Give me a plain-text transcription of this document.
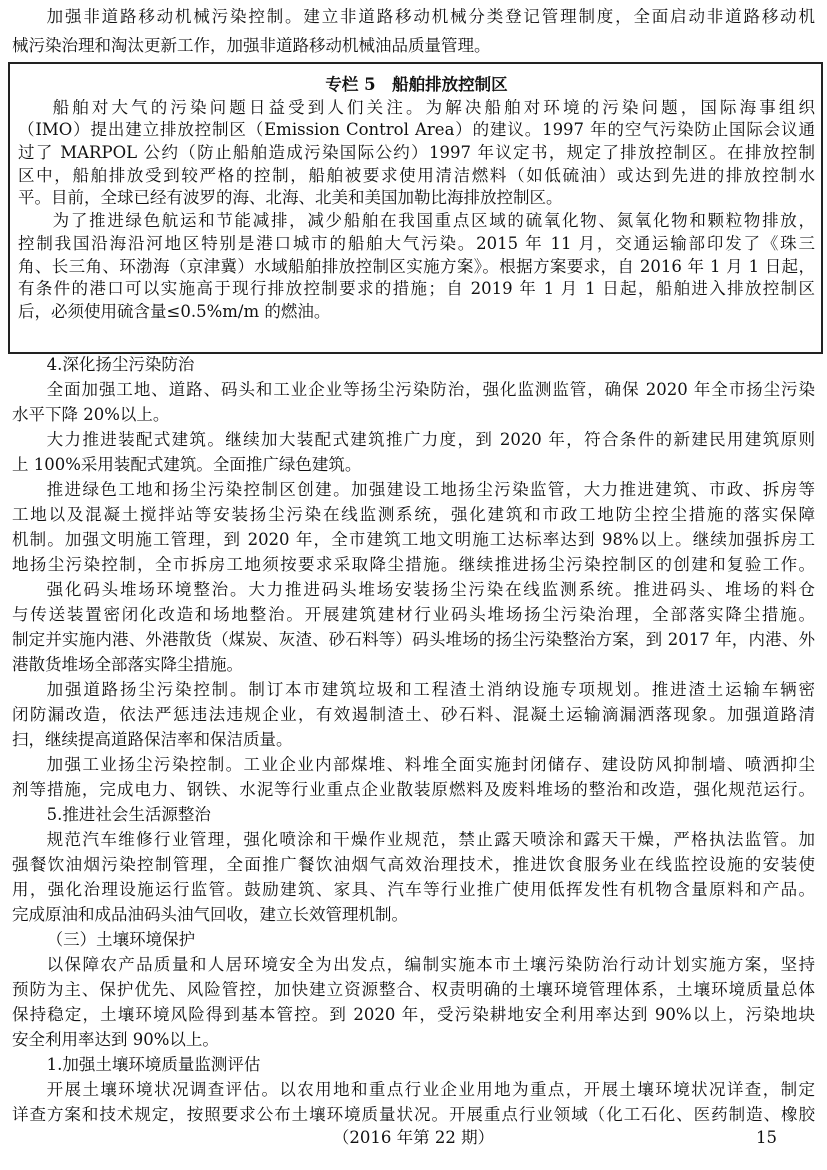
加强非道路移动机械污染控制。建立非道路移动机械分类登记管理制度，全面启动非道路移动机
械污染治理和淘汰更新工作，加强非道路移动机械油品质量管理。
专栏 5　船舶排放控制区
船舶对大气的污染问题日益受到人们关注。为解决船舶对环境的污染问题，国际海事组织
（IMO）提出建立排放控制区（Emission Control Area）的建议。1997 年的空气污染防止国际会议通
过了 MARPOL 公约（防止船舶造成污染国际公约）1997 年议定书，规定了排放控制区。在排放控制
区中，船舶排放受到较严格的控制，船舶被要求使用清洁燃料（如低硫油）或达到先进的排放控制水
平。目前，全球已经有波罗的海、北海、北美和美国加勒比海排放控制区。
为了推进绿色航运和节能减排，减少船舶在我国重点区域的硫氧化物、氮氧化物和颗粒物排放，
控制我国沿海沿河地区特别是港口城市的船舶大气污染。2015 年 11 月，交通运输部印发了《珠三
角、长三角、环渤海（京津冀）水域船舶排放控制区实施方案》。根据方案要求，自 2016 年 1 月 1 日起，
有条件的港口可以实施高于现行排放控制要求的措施；自 2019 年 1 月 1 日起，船舶进入排放控制区
后，必须使用硫含量≤0.5%m/m 的燃油。
4.深化扬尘污染防治
全面加强工地、道路、码头和工业企业等扬尘污染防治，强化监测监管，确保 2020 年全市扬尘污染
水平下降 20%以上。
大力推进装配式建筑。继续加大装配式建筑推广力度，到 2020 年，符合条件的新建民用建筑原则
上 100%采用装配式建筑。全面推广绿色建筑。
推进绿色工地和扬尘污染控制区创建。加强建设工地扬尘污染监管，大力推进建筑、市政、拆房等
工地以及混凝土搅拌站等安装扬尘污染在线监测系统，强化建筑和市政工地防尘控尘措施的落实保障
机制。加强文明施工管理，到 2020 年，全市建筑工地文明施工达标率达到 98%以上。继续加强拆房工
地扬尘污染控制，全市拆房工地须按要求采取降尘措施。继续推进扬尘污染控制区的创建和复验工作。
强化码头堆场环境整治。大力推进码头堆场安装扬尘污染在线监测系统。推进码头、堆场的料仓
与传送装置密闭化改造和场地整治。开展建筑建材行业码头堆场扬尘污染治理，全部落实降尘措施。
制定并实施内港、外港散货（煤炭、灰渣、砂石料等）码头堆场的扬尘污染整治方案，到 2017 年，内港、外
港散货堆场全部落实降尘措施。
加强道路扬尘污染控制。制订本市建筑垃圾和工程渣土消纳设施专项规划。推进渣土运输车辆密
闭防漏改造，依法严惩违法违规企业，有效遏制渣土、砂石料、混凝土运输滴漏洒落现象。加强道路清
扫，继续提高道路保洁率和保洁质量。
加强工业扬尘污染控制。工业企业内部煤堆、料堆全面实施封闭储存、建设防风抑制墙、喷洒抑尘
剂等措施，完成电力、钢铁、水泥等行业重点企业散装原燃料及废料堆场的整治和改造，强化规范运行。
5.推进社会生活源整治
规范汽车维修行业管理，强化喷涂和干燥作业规范，禁止露天喷涂和露天干燥，严格执法监管。加
强餐饮油烟污染控制管理，全面推广餐饮油烟气高效治理技术，推进饮食服务业在线监控设施的安装使
用，强化治理设施运行监管。鼓励建筑、家具、汽车等行业推广使用低挥发性有机物含量原料和产品。
完成原油和成品油码头油气回收，建立长效管理机制。
（三）土壤环境保护
以保障农产品质量和人居环境安全为出发点，编制实施本市土壤污染防治行动计划实施方案，坚持
预防为主、保护优先、风险管控，加快建立资源整合、权责明确的土壤环境管理体系，土壤环境质量总体
保持稳定，土壤环境风险得到基本管控。到 2020 年，受污染耕地安全利用率达到 90%以上，污染地块
安全利用率达到 90%以上。
1.加强土壤环境质量监测评估
开展土壤环境状况调查评估。以农用地和重点行业企业用地为重点，开展土壤环境状况详查，制定
详查方案和技术规定，按照要求公布土壤环境质量状况。开展重点行业领域（化工石化、医药制造、橡胶
（2016 年第 22 期）	15
